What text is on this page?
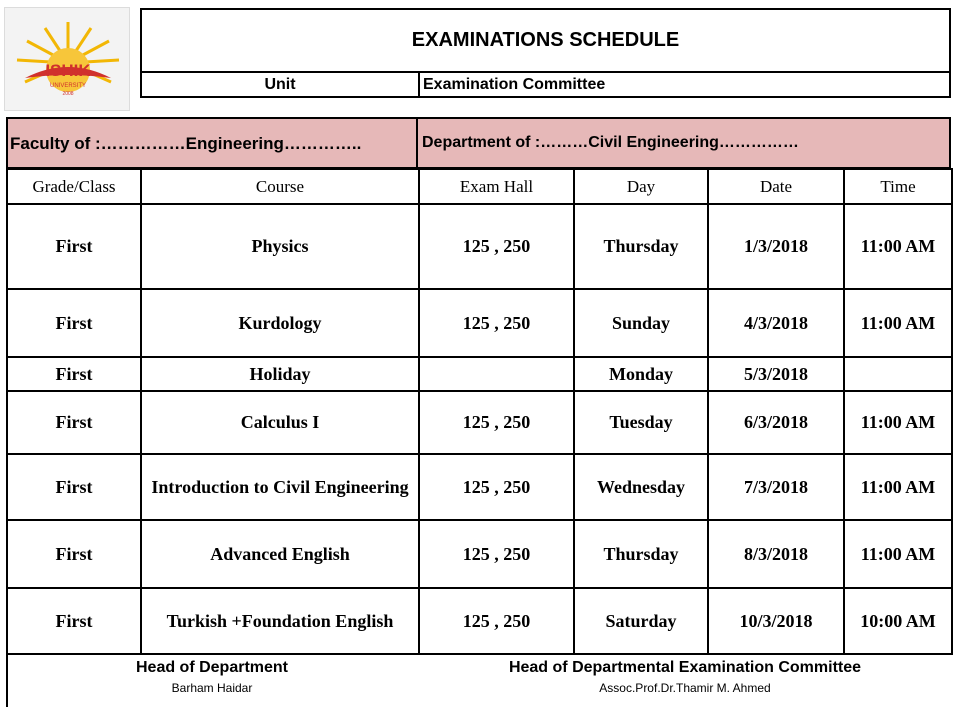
ISHIK
UNIVERSITY
2008
EXAMINATIONS SCHEDULE
Unit	Examination Committee
Faculty of :……………Engineering…………..	Department of :………Civil Engineering……………
Grade/Class	Course	Exam Hall	Day	Date	Time
First	Physics	125 , 250	Thursday	1/3/2018	11:00 AM
First	Kurdology	125 , 250	Sunday	4/3/2018	11:00 AM
First	Holiday		Monday	5/3/2018	
First	Calculus I	125 , 250	Tuesday	6/3/2018	11:00 AM
First	Introduction to Civil Engineering	125 , 250	Wednesday	7/3/2018	11:00 AM
First	Advanced English	125 , 250	Thursday	8/3/2018	11:00 AM
First	Turkish +Foundation English	125 , 250	Saturday	10/3/2018	10:00 AM
Head of Department
Barham Haidar
Head of Departmental Examination Committee
Assoc.Prof.Dr.Thamir M. Ahmed
